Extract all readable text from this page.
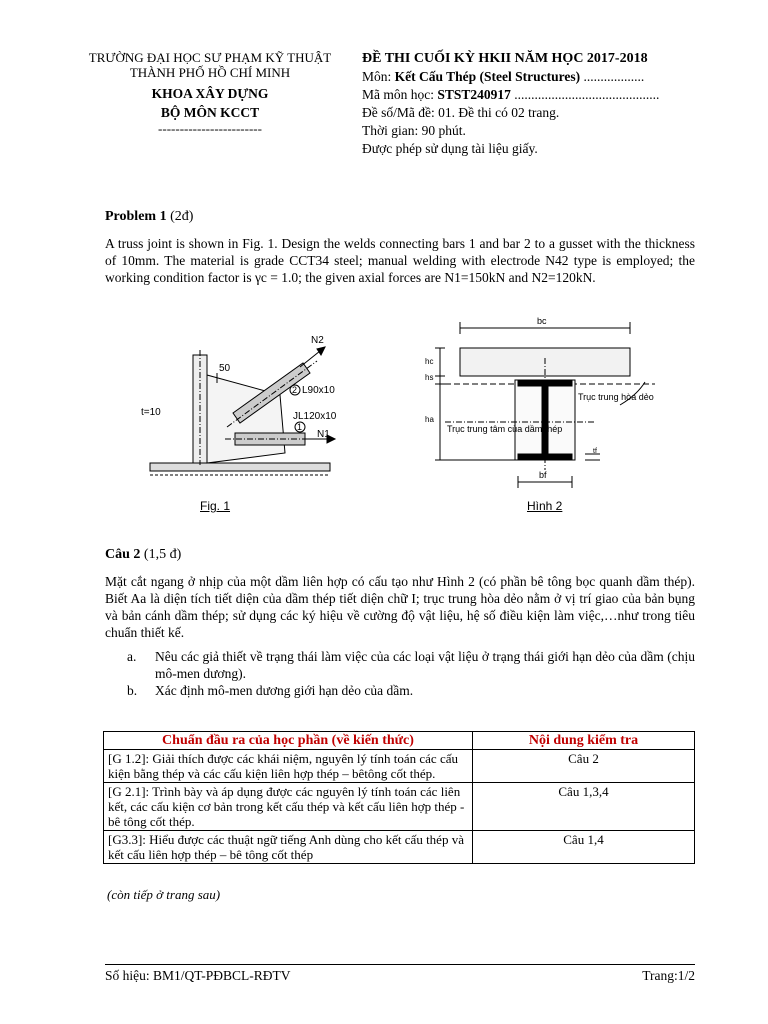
TRƯỜNG ĐẠI HỌC SƯ PHẠM KỸ THUẬT
THÀNH PHỐ HỒ CHÍ MINH
KHOA XÂY DỰNG
BỘ MÔN KCCT
------------------------
ĐỀ THI CUỐI KỲ HKII NĂM HỌC 2017-2018
Môn: Kết Cấu Thép (Steel Structures) ..................
Mã môn học: STST240917 ...........................................
Đề số/Mã đề: 01. Đề thi có 02 trang.
Thời gian: 90 phút.
Được phép sử dụng tài liệu giấy.
Problem 1 (2đ)
A truss joint is shown in Fig. 1. Design the welds connecting bars 1 and bar 2 to a gusset with the thickness of 10mm. The material is grade CCT34 steel; manual welding with electrode N42 type is employed; the working condition factor is γc = 1.0; the given axial forces are N1=150kN and N2=120kN.
50
t=10
N2
N1
2
1
L90x10
JL120x10
Fig. 1
bc
hc
hs
ha
bf
tf
Trục trung hòa dẻo
Trục trung tâm của dầm thép
Hình 2
Câu 2 (1,5 đ)
Mặt cắt ngang ở nhịp của một dầm liên hợp có cấu tạo như Hình 2 (có phần bê tông bọc quanh dầm thép). Biết Aa là diện tích tiết diện của dầm thép tiết diện chữ I; trục trung hòa dẻo nằm ở vị trí giao của bản bụng và bản cánh dầm thép; sử dụng các ký hiệu về cường độ vật liệu, hệ số điều kiện làm việc,…như trong tiêu chuẩn thiết kế.
a.	Nêu các giả thiết về trạng thái làm việc của các loại vật liệu ở trạng thái giới hạn dẻo của dầm (chịu mô-men dương).
b.	Xác định mô-men dương giới hạn dẻo của dầm.
Chuẩn đầu ra của học phần (về kiến thức)	Nội dung kiểm tra
[G 1.2]: Giải thích được các khái niệm, nguyên lý tính toán các cấu kiện bằng thép và các cấu kiện liên hợp thép – bêtông cốt thép.	Câu 2
[G 2.1]: Trình bày và áp dụng được các nguyên lý tính toán các liên kết, các cấu kiện cơ bản trong kết cấu thép và kết cấu liên hợp thép - bê tông cốt thép.	Câu 1,3,4
[G3.3]: Hiểu được các thuật ngữ tiếng Anh dùng cho kết cấu thép và kết cấu liên hợp thép – bê tông cốt thép	Câu 1,4
(còn tiếp ở trang sau)
Số hiệu: BM1/QT-PĐBCL-RĐTV	Trang:1/2
